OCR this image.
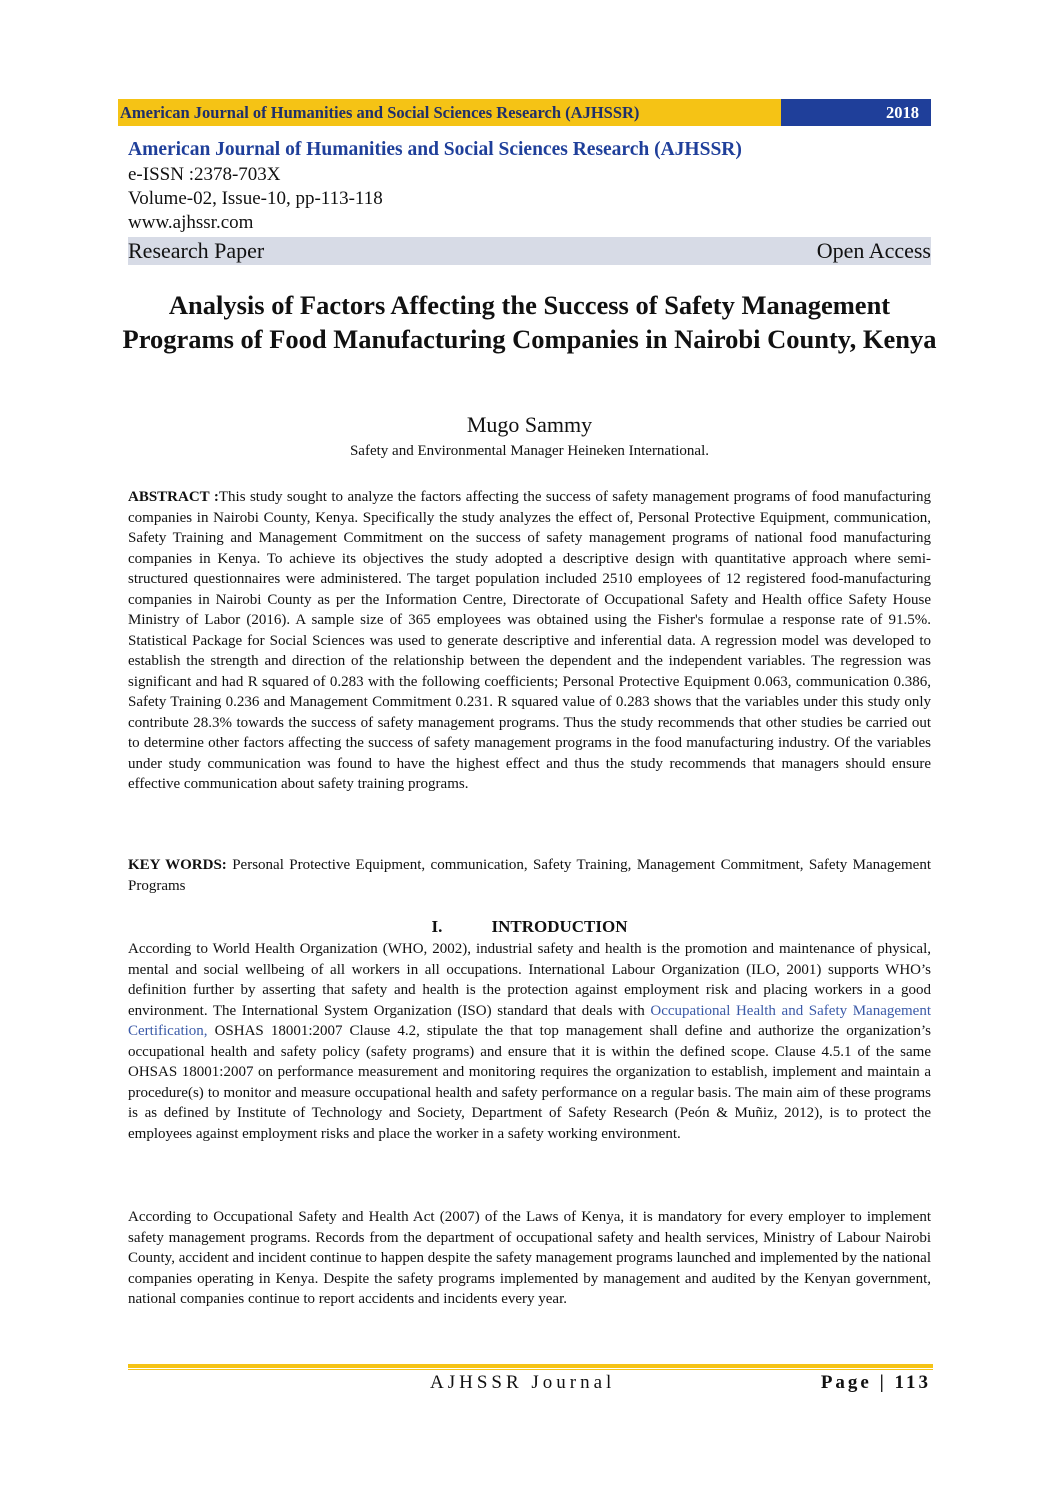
American Journal of Humanities and Social Sciences Research (AJHSSR)	2018
American Journal of Humanities and Social Sciences Research (AJHSSR)
e-ISSN :2378-703X
Volume-02, Issue-10, pp-113-118
www.ajhssr.com
Research Paper	Open Access
Analysis of Factors Affecting the Success of Safety Management Programs of Food Manufacturing Companies in Nairobi County, Kenya
Mugo Sammy
Safety and Environmental Manager Heineken International.
ABSTRACT :This study sought to analyze the factors affecting the success of safety management programs of food manufacturing companies in Nairobi County, Kenya. Specifically the study analyzes the effect of, Personal Protective Equipment, communication, Safety Training and Management Commitment on the success of safety management programs of national food manufacturing companies in Kenya. To achieve its objectives the study adopted a descriptive design with quantitative approach where semi-structured questionnaires were administered. The target population included 2510 employees of 12 registered food-manufacturing companies in Nairobi County as per the Information Centre, Directorate of Occupational Safety and Health office Safety House Ministry of Labor (2016). A sample size of 365 employees was obtained using the Fisher's formulae a response rate of 91.5%. Statistical Package for Social Sciences was used to generate descriptive and inferential data. A regression model was developed to establish the strength and direction of the relationship between the dependent and the independent variables. The regression was significant and had R squared of 0.283 with the following coefficients; Personal Protective Equipment 0.063, communication 0.386, Safety Training 0.236 and Management Commitment 0.231. R squared value of 0.283 shows that the variables under this study only contribute 28.3% towards the success of safety management programs. Thus the study recommends that other studies be carried out to determine other factors affecting the success of safety management programs in the food manufacturing industry. Of the variables under study communication was found to have the highest effect and thus the study recommends that managers should ensure effective communication about safety training programs.
KEY WORDS: Personal Protective Equipment, communication, Safety Training, Management Commitment, Safety Management Programs
I.	INTRODUCTION
According to World Health Organization (WHO, 2002), industrial safety and health is the promotion and maintenance of physical, mental and social wellbeing of all workers in all occupations. International Labour Organization (ILO, 2001) supports WHO’s definition further by asserting that safety and health is the protection against employment risk and placing workers in a good environment. The International System Organization (ISO) standard that deals with Occupational Health and Safety Management Certification, OSHAS 18001:2007 Clause 4.2, stipulate the that top management shall define and authorize the organization’s occupational health and safety policy (safety programs) and ensure that it is within the defined scope. Clause 4.5.1 of the same OHSAS 18001:2007 on performance measurement and monitoring requires the organization to establish, implement and maintain a procedure(s) to monitor and measure occupational health and safety performance on a regular basis. The main aim of these programs is as defined by Institute of Technology and Society, Department of Safety Research (Peón & Muñiz, 2012), is to protect the employees against employment risks and place the worker in a safety working environment.
According to Occupational Safety and Health Act (2007) of the Laws of Kenya, it is mandatory for every employer to implement safety management programs. Records from the department of occupational safety and health services, Ministry of Labour Nairobi County, accident and incident continue to happen despite the safety management programs launched and implemented by the national companies operating in Kenya. Despite the safety programs implemented by management and audited by the Kenyan government, national companies continue to report accidents and incidents every year.
AJHSSR Journal	Page | 113
